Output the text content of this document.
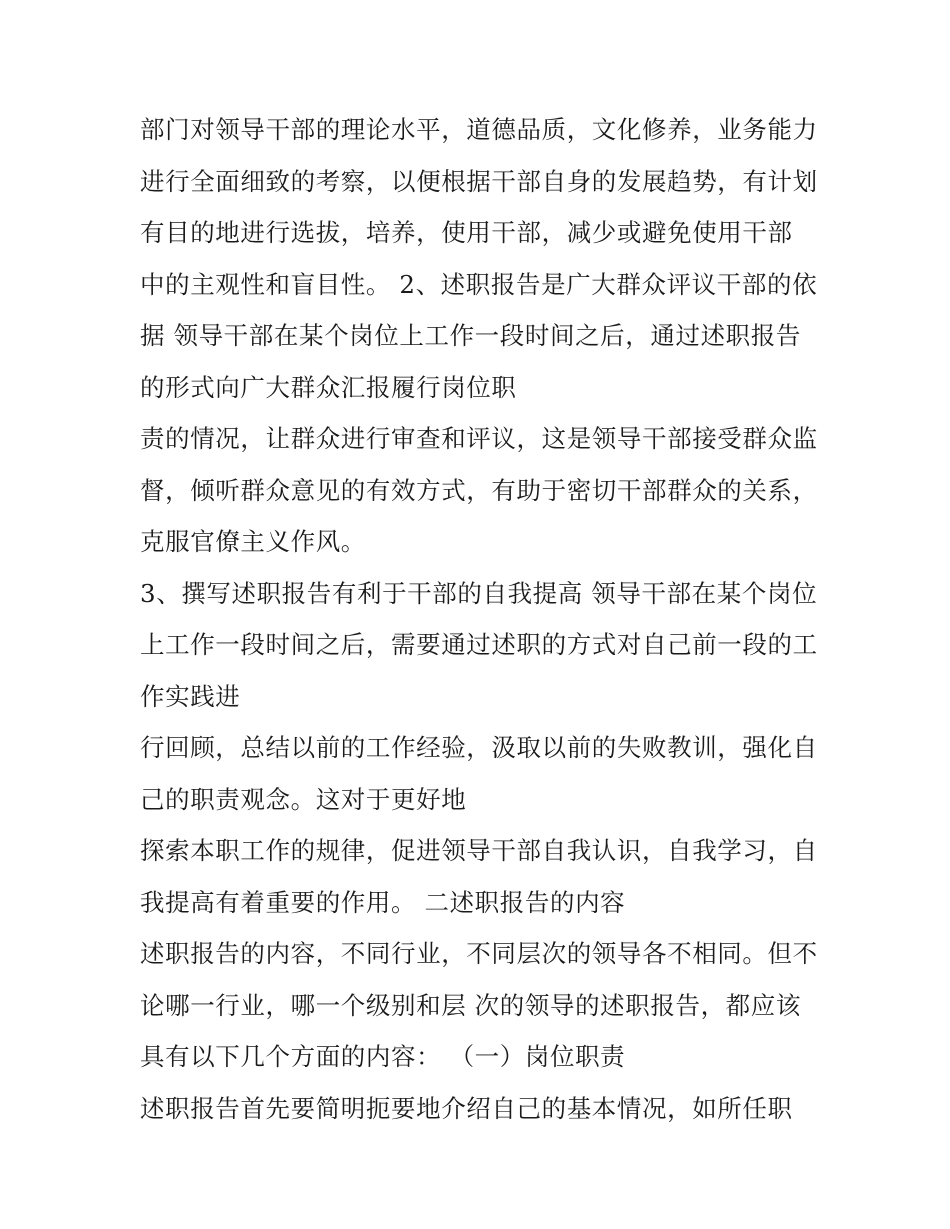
部门对领导干部的理论水平，道德品质，文化修养，业务能力
进行全面细致的考察，以便根据干部自身的发展趋势，有计划
有目的地进行选拔，培养，使用干部，减少或避免使用干部
中的主观性和盲目性。 2、述职报告是广大群众评议干部的依
据 领导干部在某个岗位上工作一段时间之后，通过述职报告
的形式向广大群众汇报履行岗位职
责的情况，让群众进行审查和评议，这是领导干部接受群众监
督，倾听群众意见的有效方式，有助于密切干部群众的关系，
克服官僚主义作风。
3、撰写述职报告有利于干部的自我提高 领导干部在某个岗位
上工作一段时间之后，需要通过述职的方式对自己前一段的工
作实践进
行回顾，总结以前的工作经验，汲取以前的失败教训，强化自
己的职责观念。这对于更好地
探索本职工作的规律，促进领导干部自我认识，自我学习，自
我提高有着重要的作用。 二述职报告的内容
述职报告的内容，不同行业，不同层次的领导各不相同。但不
论哪一行业，哪一个级别和层 次的领导的述职报告，都应该
具有以下几个方面的内容： （一）岗位职责
述职报告首先要简明扼要地介绍自己的基本情况，如所任职
